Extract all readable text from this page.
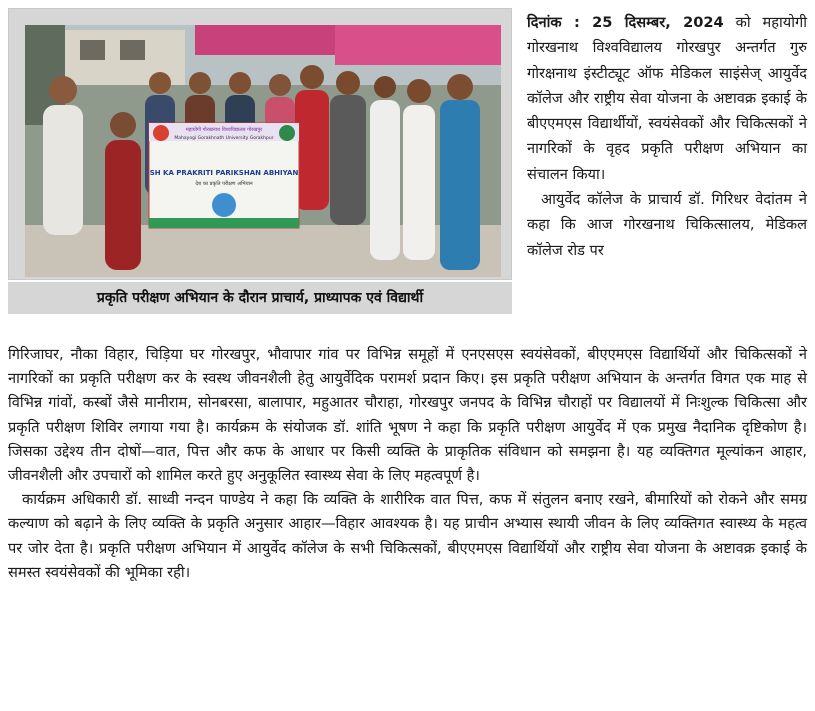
महायोगी गोरखनाथ विश्वविद्यालय गोरखपुर
Mahayogi Gorakhnath University Gorakhpur
SH KA PRAKRITI PARIKSHAN ABHIYAN
देश का प्रकृति परीक्षण अभियान
प्रकृति परीक्षण अभियान के दौरान प्राचार्य, प्राध्यापक एवं विद्यार्थी

दिनांक : 25 दिसम्बर, 2024 को महायोगी गोरखनाथ विश्वविद्यालय गोरखपुर अन्तर्गत गुरु गोरक्षनाथ इंस्टीट्यूट ऑफ मेडिकल साइंसेज् आयुर्वेद कॉलेज और राष्ट्रीय सेवा योजना के अष्टावक्र इकाई के बीएएमएस विद्यार्थीयों, स्वयंसेवकों और चिकित्सकों ने नागरिकों के वृहद प्रकृति परीक्षण अभियान का संचालन किया।

आयुर्वेद कॉलेज के प्राचार्य डॉ. गिरिधर वेदांतम ने कहा कि आज गोरखनाथ चिकित्सालय, मेडिकल कॉलेज रोड पर

गिरिजाघर, नौका विहार, चिड़िया घर गोरखपुर, भौवापार गांव पर विभिन्न समूहों में एनएसएस स्वयंसेवकों, बीएएमएस विद्यार्थियों और चिकित्सकों ने नागरिकों का प्रकृति परीक्षण कर के स्वस्थ जीवनशैली हेतु आयुर्वेदिक परामर्श प्रदान किए। इस प्रकृति परीक्षण अभियान के अन्तर्गत विगत एक माह से विभिन्न गांवों, कस्बों जैसे मानीराम, सोनबरसा, बालापार, महुआतर चौराहा, गोरखपुर जनपद के विभिन्न चौराहों पर विद्यालयों में निःशुल्क चिकित्सा और प्रकृति परीक्षण शिविर लगाया गया है। कार्यक्रम के संयोजक डॉ. शांति भूषण ने कहा कि प्रकृति परीक्षण आयुर्वेद में एक प्रमुख नैदानिक दृष्टिकोण है। जिसका उद्देश्य तीन दोषों—वात, पित्त और कफ के आधार पर किसी व्यक्ति के प्राकृतिक संविधान को समझना है। यह व्यक्तिगत मूल्यांकन आहार, जीवनशैली और उपचारों को शामिल करते हुए अनुकूलित स्वास्थ्य सेवा के लिए महत्वपूर्ण है।

कार्यक्रम अधिकारी डॉ. साध्वी नन्दन पाण्डेय ने कहा कि व्यक्ति के शारीरिक वात पित्त, कफ में संतुलन बनाए रखने, बीमारियों को रोकने और समग्र कल्याण को बढ़ाने के लिए व्यक्ति के प्रकृति अनुसार आहार—विहार आवश्यक है। यह प्राचीन अभ्यास स्थायी जीवन के लिए व्यक्तिगत स्वास्थ्य के महत्व पर जोर देता है। प्रकृति परीक्षण अभियान में आयुर्वेद कॉलेज के सभी चिकित्सकों, बीएएमएस विद्यार्थियों और राष्ट्रीय सेवा योजना के अष्टावक्र इकाई के समस्त स्वयंसेवकों की भूमिका रही।
